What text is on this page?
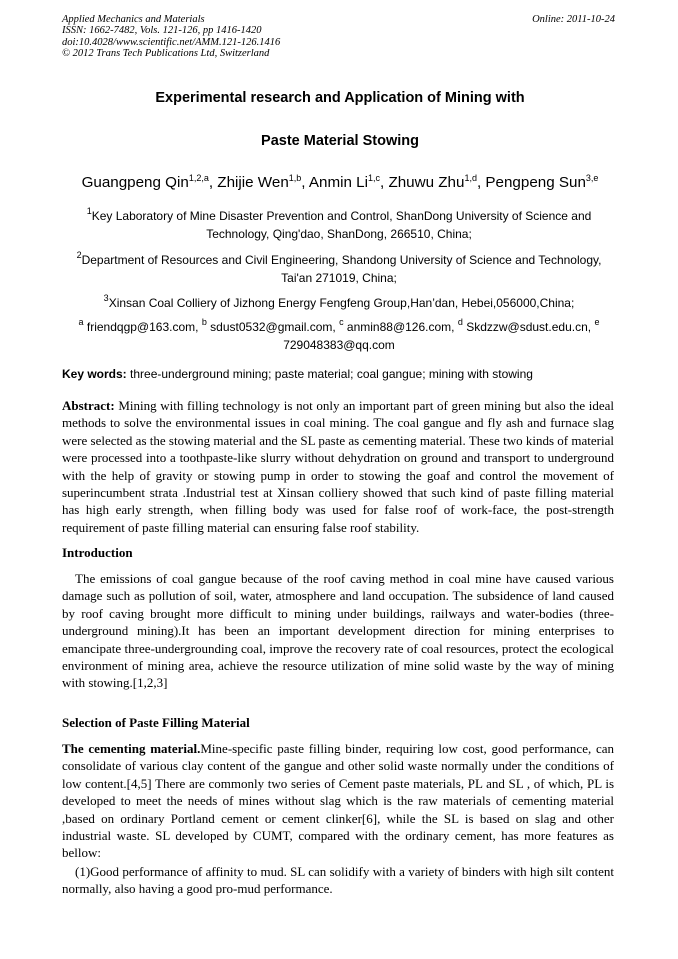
Applied Mechanics and Materials
ISSN: 1662-7482, Vols. 121-126, pp 1416-1420
doi:10.4028/www.scientific.net/AMM.121-126.1416
© 2012 Trans Tech Publications Ltd, Switzerland
Online: 2011-10-24
Experimental research and Application of Mining with
Paste Material Stowing
Guangpeng Qin$^{1,2,a}$, Zhijie Wen$^{1,b}$, Anmin Li$^{1,c}$, Zhuwu Zhu$^{1,d}$, Pengpeng Sun$^{3,e}$
$^1$Key Laboratory of Mine Disaster Prevention and Control, ShanDong University of Science and Technology, Qing'dao, ShanDong, 266510, China;
$^2$Department of Resources and Civil Engineering, Shandong University of Science and Technology, Tai'an 271019, China;
$^3$Xinsan Coal Colliery of Jizhong Energy Fengfeng Group,Han’dan, Hebei,056000,China;
$^a$ friendqgp@163.com, $^b$ sdust0532@gmail.com, $^c$ anmin88@126.com, $^d$ Skdzzw@sdust.edu.cn, $^e$ 729048383@qq.com
Key words: three-underground mining; paste material; coal gangue; mining with stowing
Abstract: Mining with filling technology is not only an important part of green mining but also the ideal methods to solve the environmental issues in coal mining. The coal gangue and fly ash and furnace slag were selected as the stowing material and the SL paste as cementing material. These two kinds of material were processed into a toothpaste-like slurry without dehydration on ground and transport to underground with the help of gravity or stowing pump in order to stowing the goaf and control the movement of superincumbent strata .Industrial test at Xinsan colliery showed that such kind of paste filling material has high early strength, when filling body was used for false roof of work-face, the post-strength requirement of paste filling material can ensuring false roof stability.
Introduction
The emissions of coal gangue because of the roof caving method in coal mine have caused various damage such as pollution of soil, water, atmosphere and land occupation. The subsidence of land caused by roof caving brought more difficult to mining under buildings, railways and water-bodies (three-underground mining).It has been an important development direction for mining enterprises to emancipate three-undergrounding coal, improve the recovery rate of coal resources, protect the ecological environment of mining area, achieve the resource utilization of mine solid waste by the way of mining with stowing.[1,2,3]
Selection of Paste Filling Material
The cementing material.Mine-specific paste filling binder, requiring low cost, good performance, can consolidate of various clay content of the gangue and other solid waste normally under the conditions of low content.[4,5] There are commonly two series of Cement paste materials, PL and SL , of which, PL is developed to meet the needs of mines without slag which is the raw materials of cementing material ,based on ordinary Portland cement or cement clinker[6], while the SL is based on slag and other industrial waste. SL developed by CUMT, compared with the ordinary cement, has more features as bellow:
(1)Good performance of affinity to mud. SL can solidify with a variety of binders with high silt content normally, also having a good pro-mud performance.
